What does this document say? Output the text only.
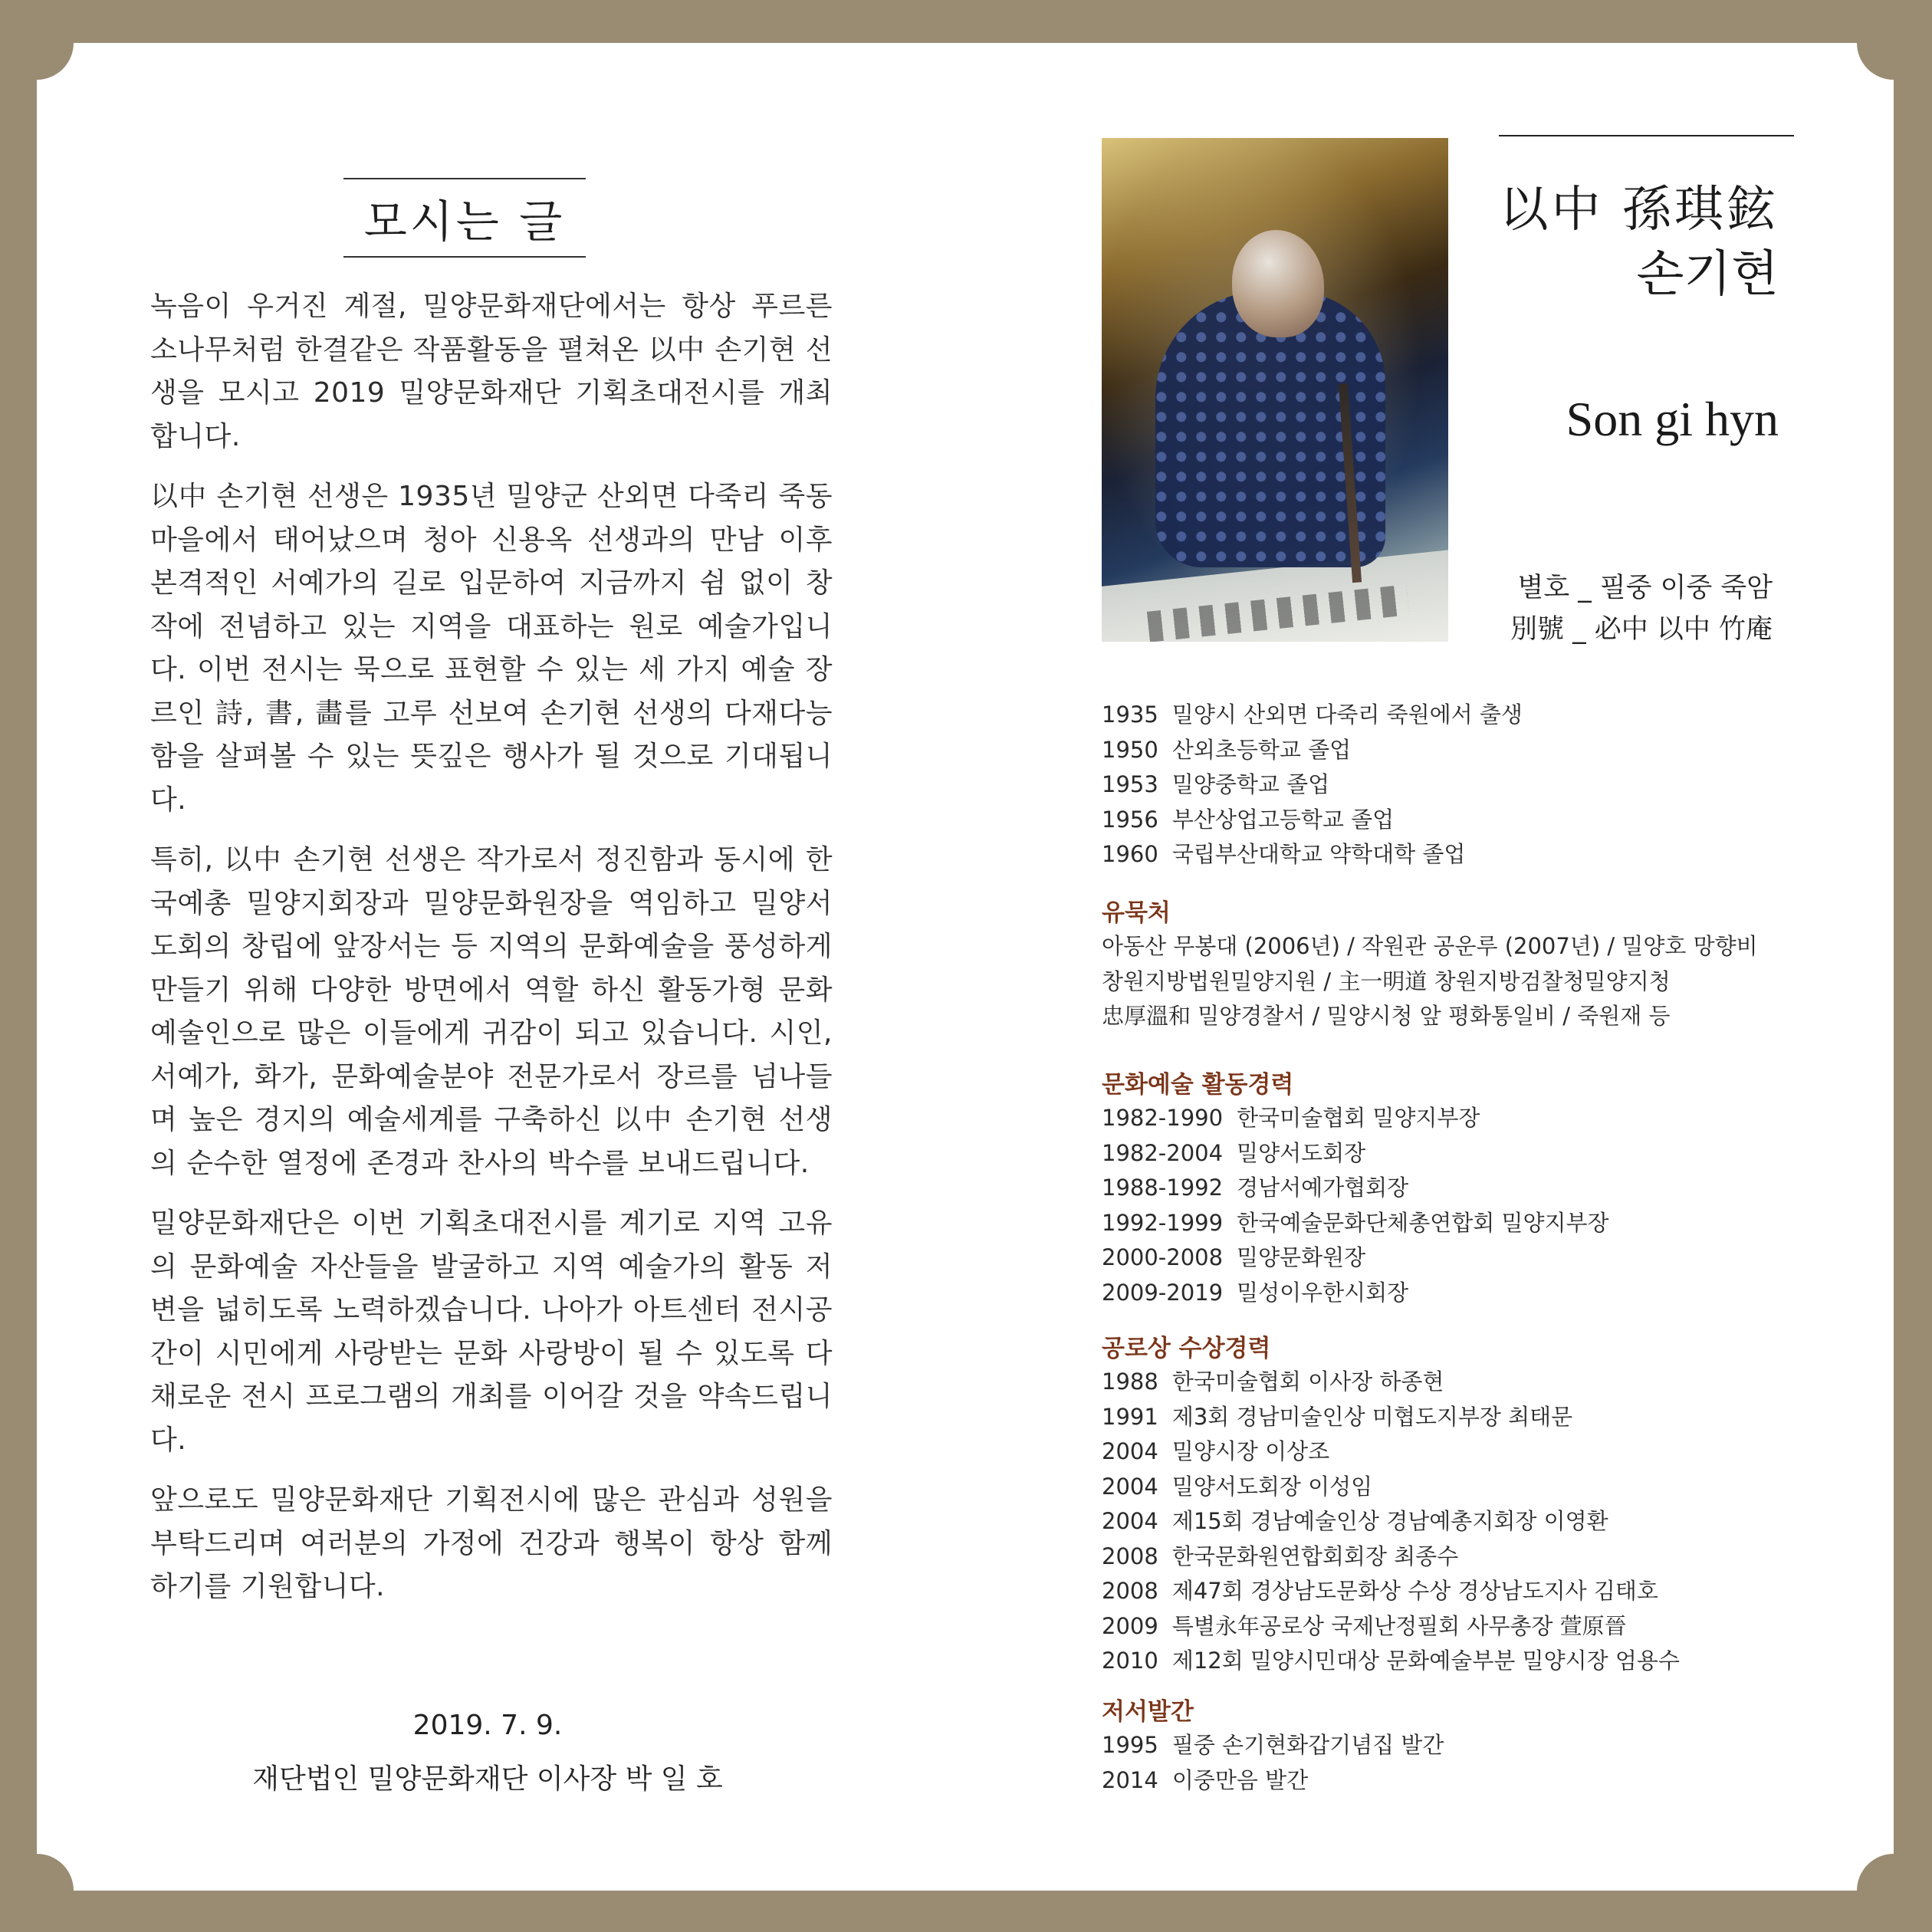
모시는 글

녹음이 우거진 계절, 밀양문화재단에서는 항상 푸르른 소나무처럼 한결같은 작품활동을 펼쳐온 以中 손기현 선생을 모시고 2019 밀양문화재단 기획초대전시를 개최합니다.

以中 손기현 선생은 1935년 밀양군 산외면 다죽리 죽동마을에서 태어났으며 청아 신용옥 선생과의 만남 이후 본격적인 서예가의 길로 입문하여 지금까지 쉼 없이 창작에 전념하고 있는 지역을 대표하는 원로 예술가입니다. 이번 전시는 묵으로 표현할 수 있는 세 가지 예술 장르인 詩, 書, 畵를 고루 선보여 손기현 선생의 다재다능함을 살펴볼 수 있는 뜻깊은 행사가 될 것으로 기대됩니다.

특히, 以中 손기현 선생은 작가로서 정진함과 동시에 한국예총 밀양지회장과 밀양문화원장을 역임하고 밀양서도회의 창립에 앞장서는 등 지역의 문화예술을 풍성하게 만들기 위해 다양한 방면에서 역할 하신 활동가형 문화예술인으로 많은 이들에게 귀감이 되고 있습니다. 시인, 서예가, 화가, 문화예술분야 전문가로서 장르를 넘나들며 높은 경지의 예술세계를 구축하신 以中 손기현 선생의 순수한 열정에 존경과 찬사의 박수를 보내드립니다.

밀양문화재단은 이번 기획초대전시를 계기로 지역 고유의 문화예술 자산들을 발굴하고 지역 예술가의 활동 저변을 넓히도록 노력하겠습니다. 나아가 아트센터 전시공간이 시민에게 사랑받는 문화 사랑방이 될 수 있도록 다채로운 전시 프로그램의 개최를 이어갈 것을 약속드립니다.

앞으로도 밀양문화재단 기획전시에 많은 관심과 성원을 부탁드리며 여러분의 가정에 건강과 행복이 항상 함께 하기를 기원합니다.

2019. 7. 9.
재단법인 밀양문화재단 이사장 박 일 호
以中 孫琪鉉
손기현
Son gi hyn
별호 _ 필중 이중 죽암
別號 _ 必中 以中 竹庵
1935 밀양시 산외면 다죽리 죽원에서 출생
1950 산외초등학교 졸업
1953 밀양중학교 졸업
1956 부산상업고등학교 졸업
1960 국립부산대학교 약학대학 졸업
유묵처
아동산 무봉대 (2006년) / 작원관 공운루 (2007년) / 밀양호 망향비
창원지방법원밀양지원 / 主一明道 창원지방검찰청밀양지청
忠厚溫和 밀양경찰서 / 밀양시청 앞 평화통일비 / 죽원재 등
문화예술 활동경력
1982-1990 한국미술협회 밀양지부장
1982-2004 밀양서도회장
1988-1992 경남서예가협회장
1992-1999 한국예술문화단체총연합회 밀양지부장
2000-2008 밀양문화원장
2009-2019 밀성이우한시회장
공로상 수상경력
1988 한국미술협회 이사장 하종현
1991 제3회 경남미술인상 미협도지부장 최태문
2004 밀양시장 이상조
2004 밀양서도회장 이성임
2004 제15회 경남예술인상 경남예총지회장 이영환
2008 한국문화원연합회회장 최종수
2008 제47회 경상남도문화상 수상 경상남도지사 김태호
2009 특별永年공로상 국제난정필회 사무총장 萱原晉
2010 제12회 밀양시민대상 문화예술부분 밀양시장 엄용수
저서발간
1995 필중 손기현화갑기념집 발간
2014 이중만음 발간
